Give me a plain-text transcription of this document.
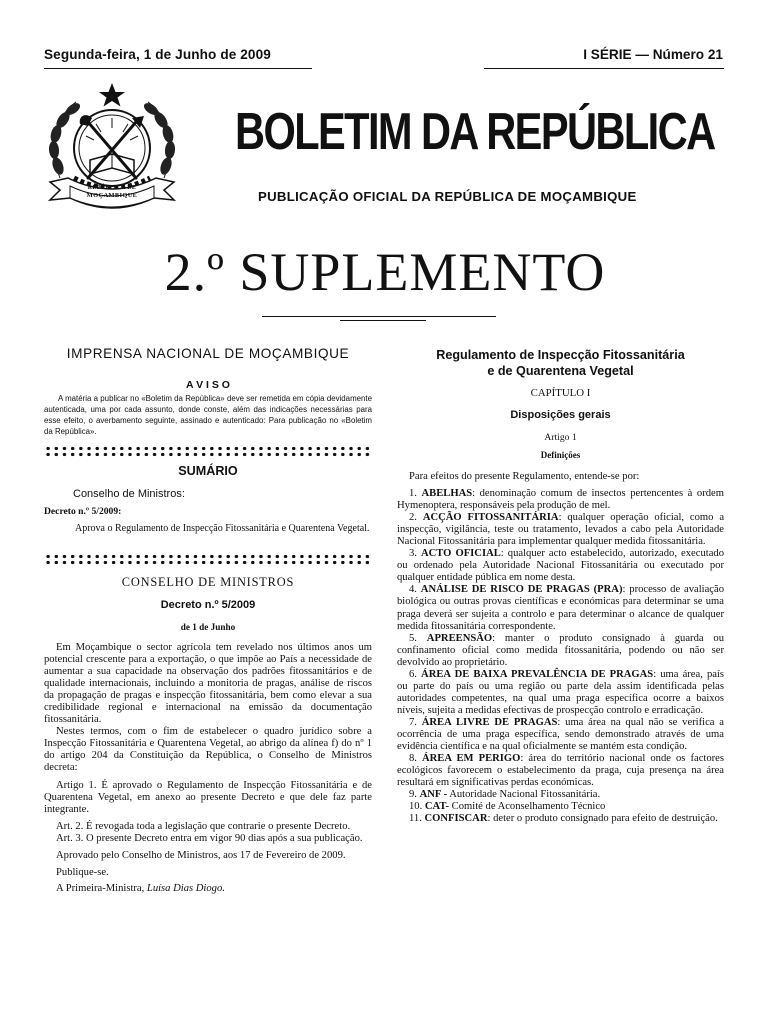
Segunda-feira, 1 de Junho de 2009	I SÉRIE — Número 21
REPÚBLICA DE
MOÇAMBIQUE
BOLETIM DA REPÚBLICA
PUBLICAÇÃO OFICIAL DA REPÚBLICA DE MOÇAMBIQUE
2.º SUPLEMENTO
IMPRENSA NACIONAL DE MOÇAMBIQUE
A V I S O
A matéria a publicar no «Boletim da República» deve ser remetida em cópia devidamente autenticada, uma por cada assunto, donde conste, além das indicações necessárias para esse efeito, o averbamento seguinte, assinado e autenticado: Para publicação no «Boletim da República».
SUMÁRIO
Conselho de Ministros:
Decreto n.º 5/2009:
Aprova o Regulamento de Inspecção Fitossanitária e Quarentena Vegetal.
CONSELHO DE MINISTROS
Decreto n.º 5/2009
de 1 de Junho

Em Moçambique o sector agrícola tem revelado nos últimos anos um potencial crescente para a exportação, o que impõe ao País a necessidade de aumentar a sua capacidade na observação dos padrões fitossanitários e de qualidade internacionais, incluindo a monitoria de pragas, análise de riscos da propagação de pragas e inspecção fitossanitária, bem como elevar a sua credibilidade regional e internacional na emissão da documentação fitossanitária.

Nestes termos, com o fim de estabelecer o quadro jurídico sobre a Inspecção Fitossanitária e Quarentena Vegetal, ao abrigo da alínea f) do nº 1 do artigo 204 da Constituição da República, o Conselho de Ministros decreta:

Artigo 1. É aprovado o Regulamento de Inspecção Fitossanitária e de Quarentena Vegetal, em anexo ao presente Decreto e que dele faz parte integrante.

Art. 2. É revogada toda a legislação que contrarie o presente Decreto.

Art. 3. O presente Decreto entra em vigor 90 dias após a sua publicação.

Aprovado pelo Conselho de Ministros, aos 17 de Fevereiro de 2009.

Publique-se.

A Primeira-Ministra, Luísa Dias Diogo.

Regulamento de Inspecção Fitossanitária
e de Quarentena Vegetal
CAPÍTULO I
Disposições gerais
Artigo 1
Definições

Para efeitos do presente Regulamento, entende-se por:

1. ABELHAS: denominação comum de insectos pertencentes à ordem Hymenoptera, responsáveis pela produção de mel.

2. ACÇÃO FITOSSANITÁRIA: qualquer operação oficial, como a inspecção, vigilância, teste ou tratamento, levados a cabo pela Autoridade Nacional Fitossanitária para implementar qualquer medida fitossanitária.

3. ACTO OFICIAL: qualquer acto estabelecido, autorizado, executado ou ordenado pela Autoridade Nacional Fitossanitária ou executado por qualquer entidade pública em nome desta.

4. ANÁLISE DE RISCO DE PRAGAS (PRA): processo de avaliação biológica ou outras provas científicas e económicas para determinar se uma praga deverá ser sujeita a controlo e para determinar o alcance de qualquer medida fitossanitária correspondente.

5. APREENSÃO: manter o produto consignado à guarda ou confinamento oficial como medida fitossanitária, podendo ou não ser devolvido ao proprietário.

6. ÁREA DE BAIXA PREVALÊNCIA DE PRAGAS: uma área, país ou parte do país ou uma região ou parte dela assim identificada pelas autoridades competentes, na qual uma praga específica ocorre a baixos níveis, sujeita a medidas efectivas de prospecção controlo e erradicação.

7. ÁREA LIVRE DE PRAGAS: uma área na qual não se verifica a ocorrência de uma praga específica, sendo demonstrado através de uma evidência científica e na qual oficialmente se mantém esta condição.

8. ÁREA EM PERIGO: área do território nacional onde os factores ecológicos favorecem o estabelecimento da praga, cuja presença na área resultará em significativas perdas económicas.

9. ANF - Autoridade Nacional Fitossanitária.

10. CAT- Comité de Aconselhamento Técnico

11. CONFISCAR: deter o produto consignado para efeito de destruição.
